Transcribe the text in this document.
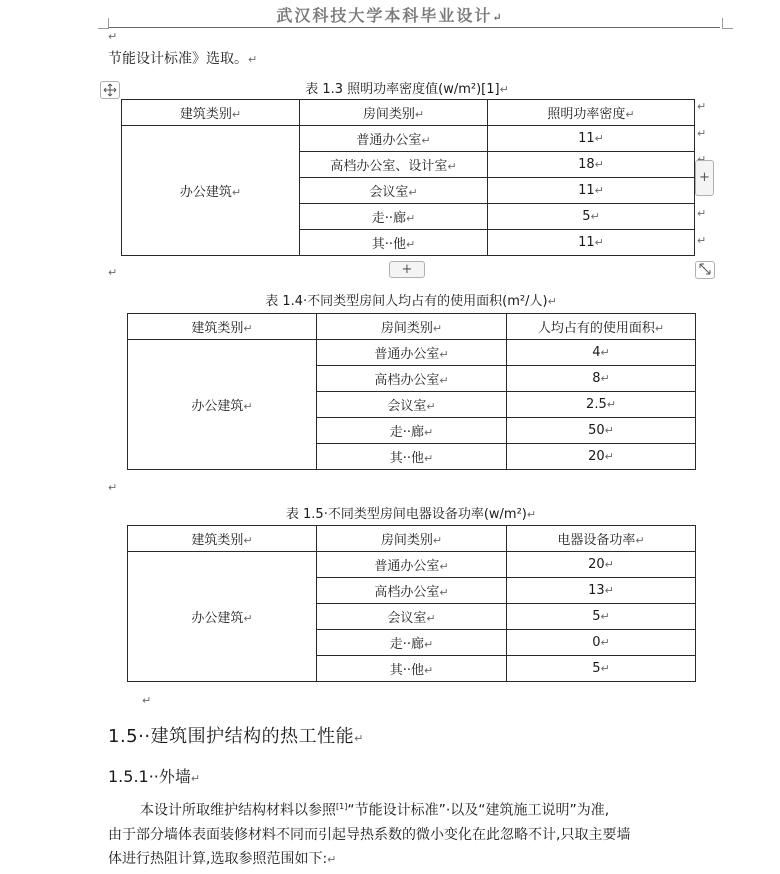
武汉科技大学本科毕业设计↵
↵
节能设计标准》选取。↵
表 1.3 照明功率密度值(w/m²)[1]↵
建筑类别↵	房间类别↵	照明功率密度↵
办公建筑↵	普通办公室↵	11↵
	高档办公室、设计室↵	18↵
	会议室↵	11↵
	走··廊↵	5↵
	其··他↵	11↵
↵
↵
↵
↵
+
+
↵
表 1.4·不同类型房间人均占有的使用面积(m²/人)↵
建筑类别↵	房间类别↵	人均占有的使用面积↵
办公建筑↵	普通办公室↵	4↵
	高档办公室↵	8↵
	会议室↵	2.5↵
	走··廊↵	50↵
	其··他↵	20↵
↵
表 1.5·不同类型房间电器设备功率(w/m²)↵
建筑类别↵	房间类别↵	电器设备功率↵
办公建筑↵	普通办公室↵	20↵
	高档办公室↵	13↵
	会议室↵	5↵
	走··廊↵	0↵
	其··他↵	5↵
↵
1.5··建筑围护结构的热工性能↵
1.5.1··外墙↵
本设计所取维护结构材料以参照[1]“节能设计标准”·以及“建筑施工说明”为准,
由于部分墙体表面装修材料不同而引起导热系数的微小变化在此忽略不计,只取主要墙
体进行热阻计算,选取参照范围如下:↵
